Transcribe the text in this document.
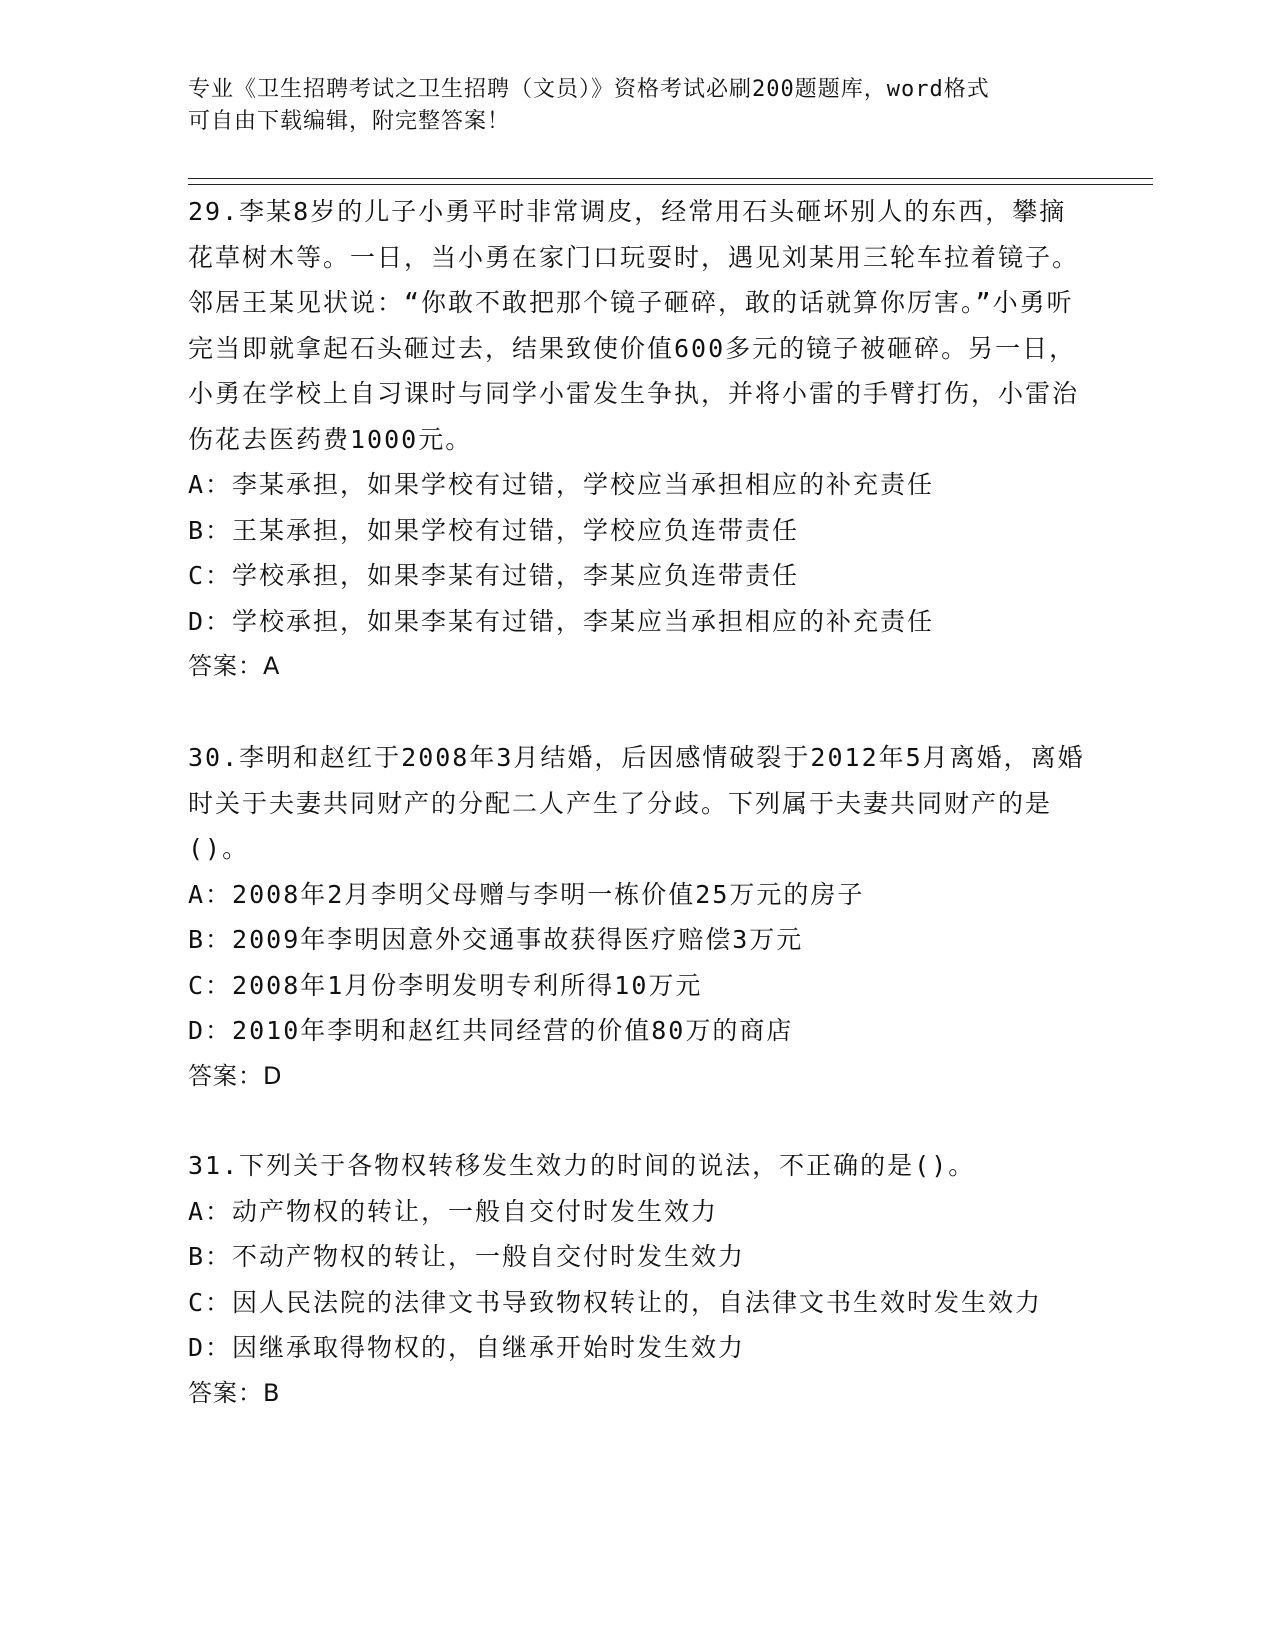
专业《卫生招聘考试之卫生招聘（文员）》资格考试必刷200题题库，word格式
可自由下载编辑，附完整答案！
29.李某8岁的儿子小勇平时非常调皮，经常用石头砸坏别人的东西，攀摘花草树木等。一日，当小勇在家门口玩耍时，遇见刘某用三轮车拉着镜子。邻居王某见状说：“你敢不敢把那个镜子砸碎，敢的话就算你厉害。”小勇听完当即就拿起石头砸过去，结果致使价值600多元的镜子被砸碎。另一日，小勇在学校上自习课时与同学小雷发生争执，并将小雷的手臂打伤，小雷治伤花去医药费1000元。
A：李某承担，如果学校有过错，学校应当承担相应的补充责任
B：王某承担，如果学校有过错，学校应负连带责任
C：学校承担，如果李某有过错，李某应负连带责任
D：学校承担，如果李某有过错，李某应当承担相应的补充责任
答案：A
30.李明和赵红于2008年3月结婚，后因感情破裂于2012年5月离婚，离婚时关于夫妻共同财产的分配二人产生了分歧。下列属于夫妻共同财产的是()。
A：2008年2月李明父母赠与李明一栋价值25万元的房子
B：2009年李明因意外交通事故获得医疗赔偿3万元
C：2008年1月份李明发明专利所得10万元
D：2010年李明和赵红共同经营的价值80万的商店
答案：D
31.下列关于各物权转移发生效力的时间的说法，不正确的是()。
A：动产物权的转让，一般自交付时发生效力
B：不动产物权的转让，一般自交付时发生效力
C：因人民法院的法律文书导致物权转让的，自法律文书生效时发生效力
D：因继承取得物权的，自继承开始时发生效力
答案：B
